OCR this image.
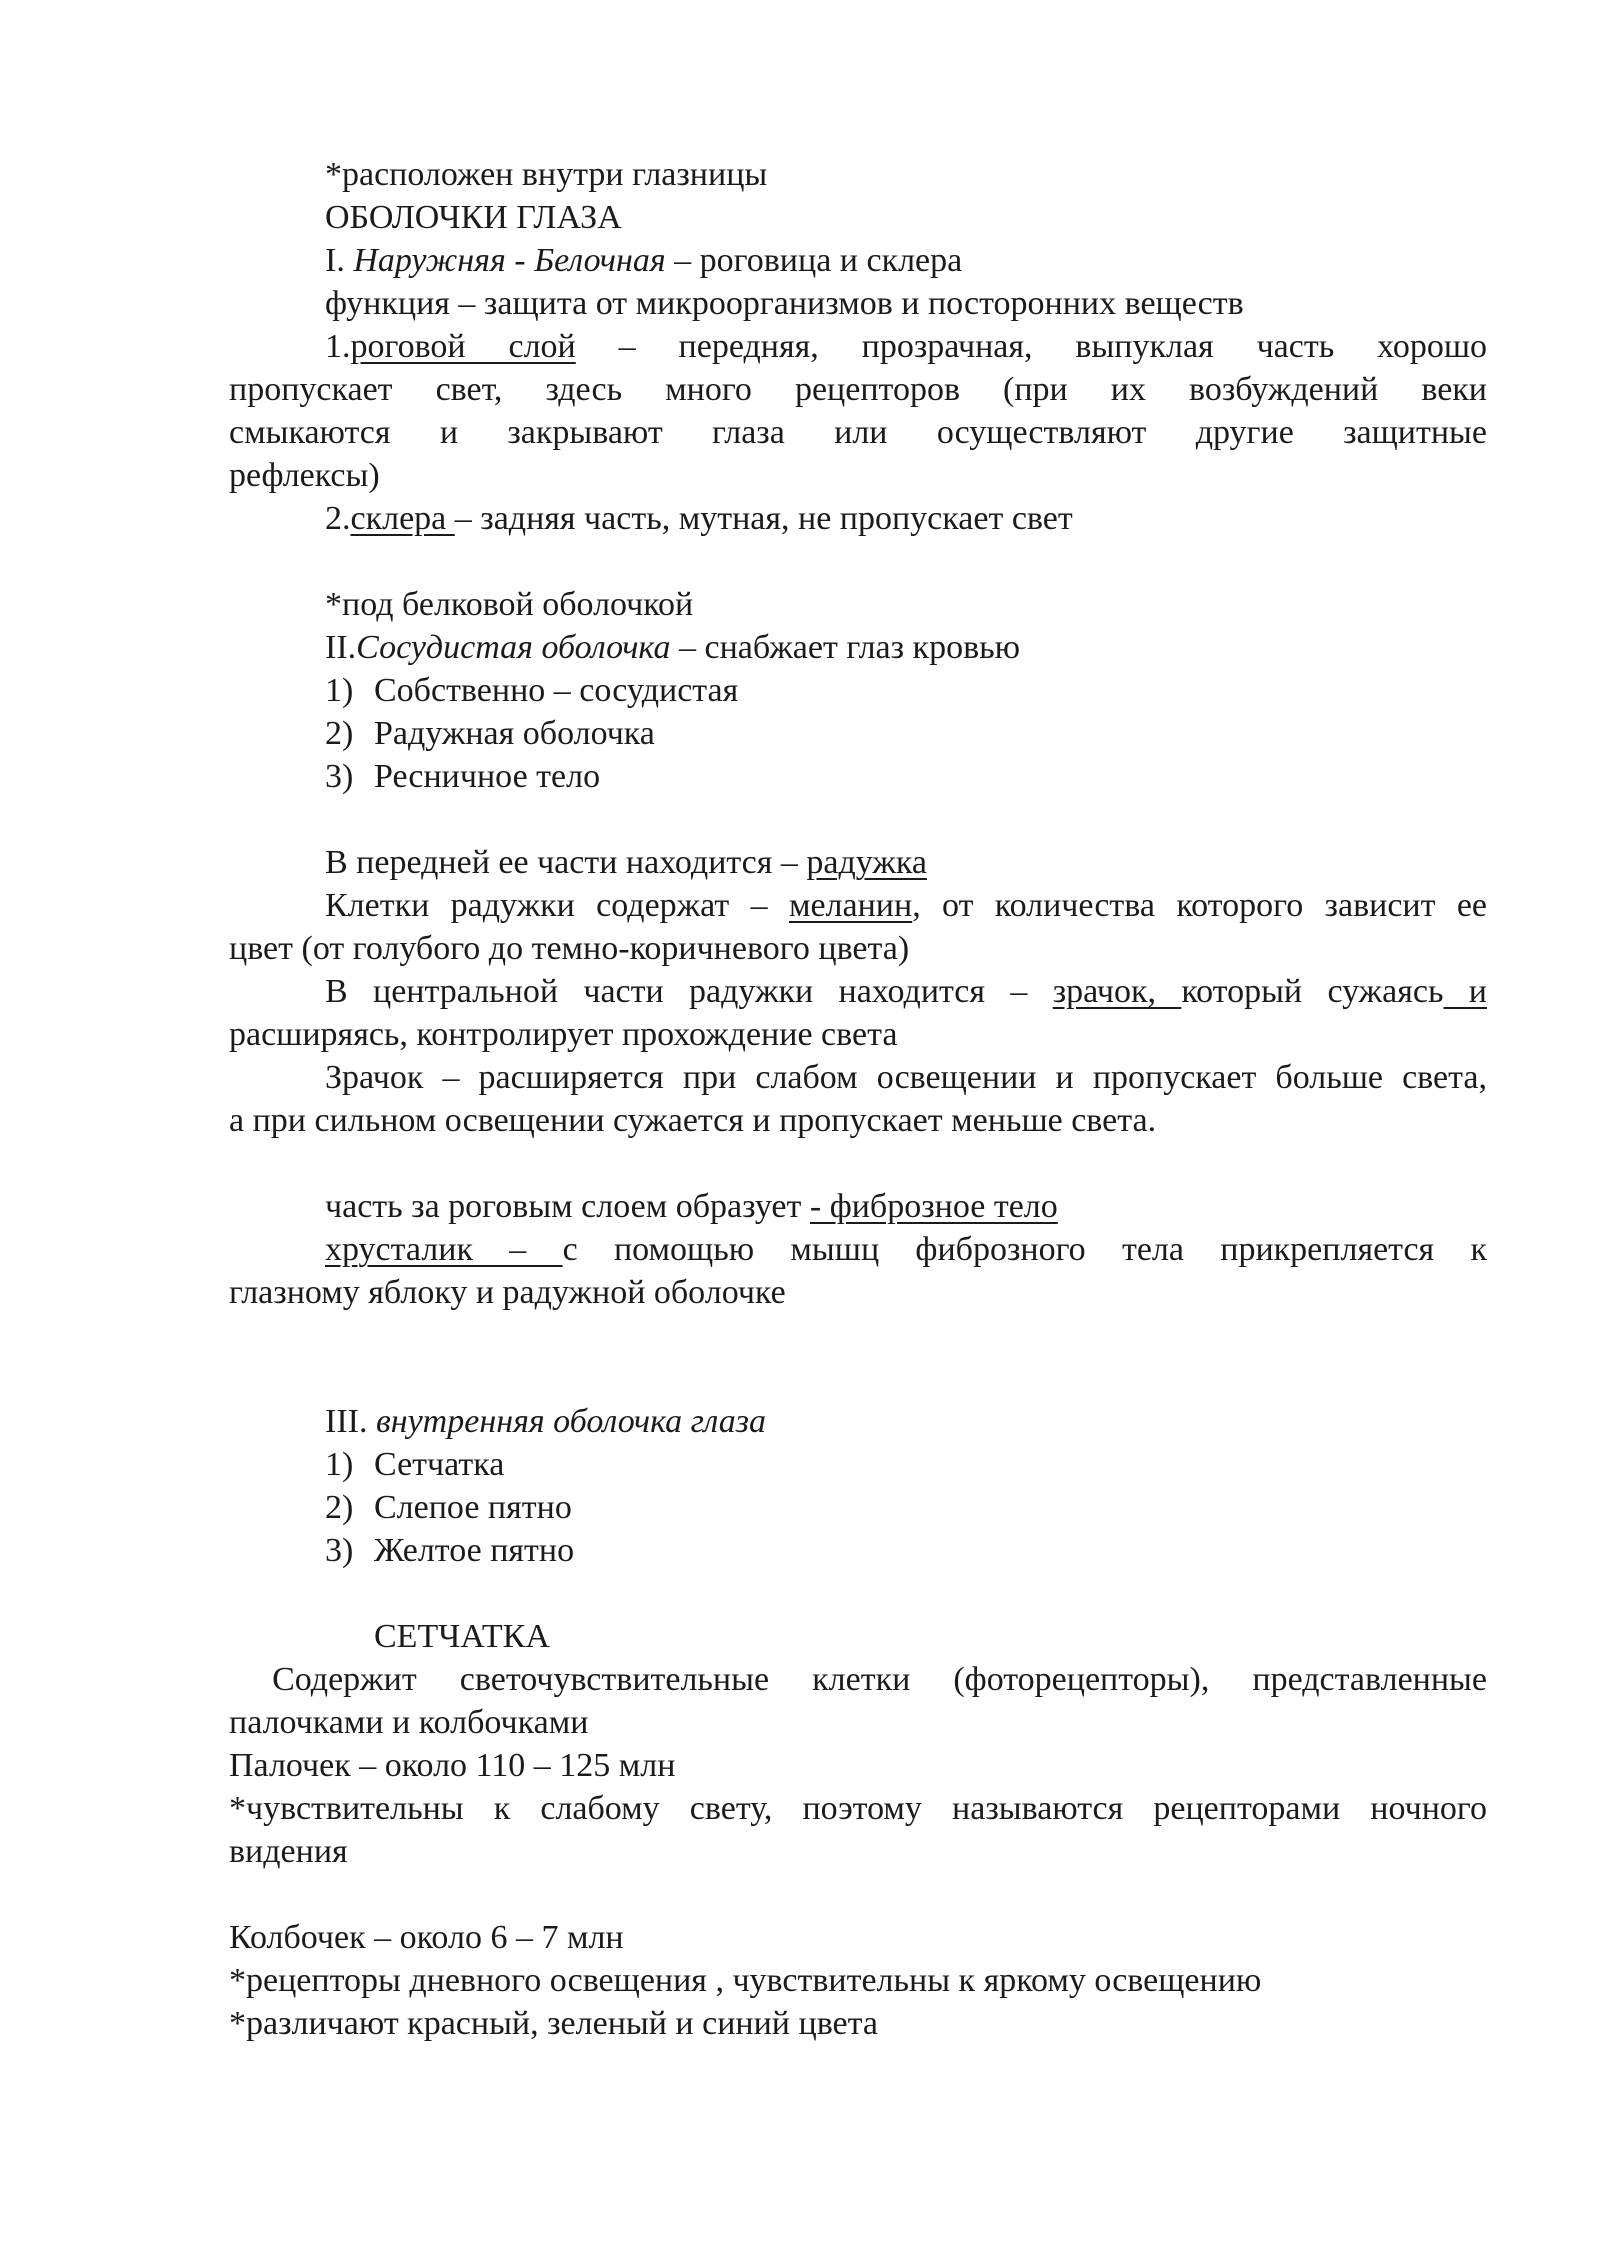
*расположен внутри глазницы
ОБОЛОЧКИ ГЛАЗА
I. Наружняя - Белочная – роговица и склера
функция – защита от микроорганизмов и посторонних веществ
1.роговой слой – передняя, прозрачная, выпуклая часть хорошо
пропускает свет, здесь много рецепторов (при их возбуждений веки
смыкаются и закрывают глаза или осуществляют другие защитные
рефлексы)
2.склера – задняя часть, мутная, не пропускает свет
*под белковой оболочкой
II.Сосудистая оболочка – снабжает глаз кровью
1) Собственно – сосудистая
2) Радужная оболочка
3) Ресничное тело
В передней ее части находится – радужка
Клетки радужки содержат – меланин, от количества которого зависит ее
цвет (от голубого до темно-коричневого цвета)
В центральной части радужки находится – зрачок, который сужаясь и
расширяясь, контролирует прохождение света
Зрачок – расширяется при слабом освещении и пропускает больше света,
а при сильном освещении сужается и пропускает меньше света.
часть за роговым слоем образует - фиброзное тело
хрусталик – с помощью мышц фиброзного тела прикрепляется к
глазному яблоку и радужной оболочке
III. внутренняя оболочка глаза
1) Сетчатка
2) Слепое пятно
3) Желтое пятно
СЕТЧАТКА
Содержит светочувствительные клетки (фоторецепторы), представленные
палочками и колбочками
Палочек – около 110 – 125 млн
*чувствительны к слабому свету, поэтому называются рецепторами ночного
видения
Колбочек – около 6 – 7 млн
*рецепторы дневного освещения , чувствительны к яркому освещению
*различают красный, зеленый и синий цвета
